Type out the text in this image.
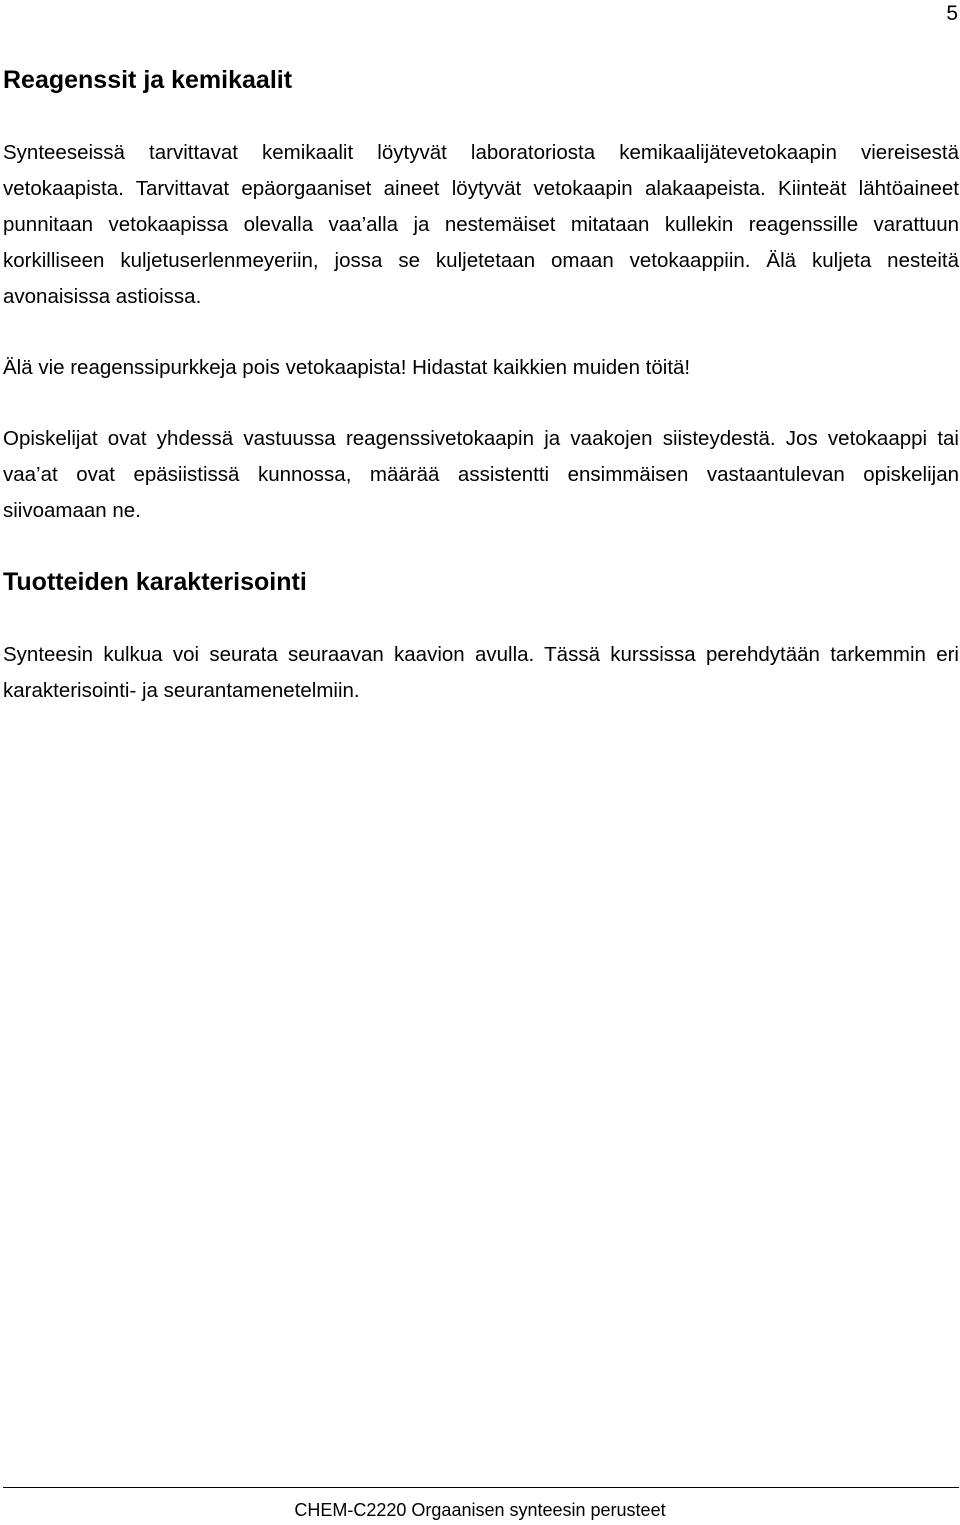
5
Reagenssit ja kemikaalit

Synteeseissä tarvittavat kemikaalit löytyvät laboratoriosta kemikaalijätevetokaapin viereisestä vetokaapista. Tarvittavat epäorgaaniset aineet löytyvät vetokaapin alakaapeista. Kiinteät lähtöaineet punnitaan vetokaapissa olevalla vaa’alla ja nestemäiset mitataan kullekin reagenssille varattuun korkilliseen kuljetuserlenmeyeriin, jossa se kuljetetaan omaan vetokaappiin. Älä kuljeta nesteitä avonaisissa astioissa.

Älä vie reagenssipurkkeja pois vetokaapista! Hidastat kaikkien muiden töitä!

Opiskelijat ovat yhdessä vastuussa reagenssivetokaapin ja vaakojen siisteydestä. Jos vetokaappi tai vaa’at ovat epäsiistissä kunnossa, määrää assistentti ensimmäisen vastaantulevan opiskelijan siivoamaan ne.

Tuotteiden karakterisointi

Synteesin kulkua voi seurata seuraavan kaavion avulla. Tässä kurssissa perehdytään tarkemmin eri karakterisointi- ja seurantamenetelmiin.

CHEM-C2220 Orgaanisen synteesin perusteet
